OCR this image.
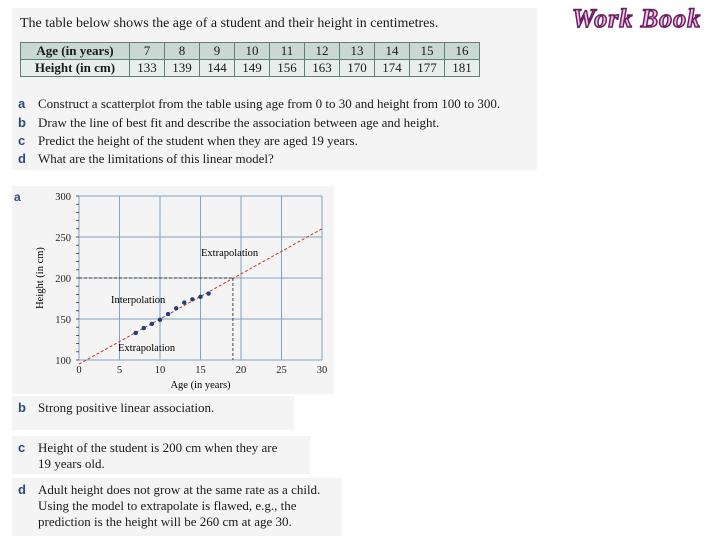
Work Book
The table below shows the age of a student and their height in centimetres.
Age (in years)	7	8	9	10	11	12	13	14	15	16
Height (in cm)	133	139	144	149	156	163	170	174	177	181
a Construct a scatterplot from the table using age from 0 to 30 and height from 100 to 300.
b Draw the line of best fit and describe the association between age and height.
c Predict the height of the student when they are aged 19 years.
d What are the limitations of this linear model?
0	5	10	15	20	25	30
100
150
200
250
300
Extrapolation
Interpolation
Extrapolation
Age (in years)
Height (in cm)
a
b Strong positive linear association.
c Height of the student is 200 cm when they are
19 years old.
d Adult height does not grow at the same rate as a child.
Using the model to extrapolate is flawed, e.g., the
prediction is the height will be 260 cm at age 30.
